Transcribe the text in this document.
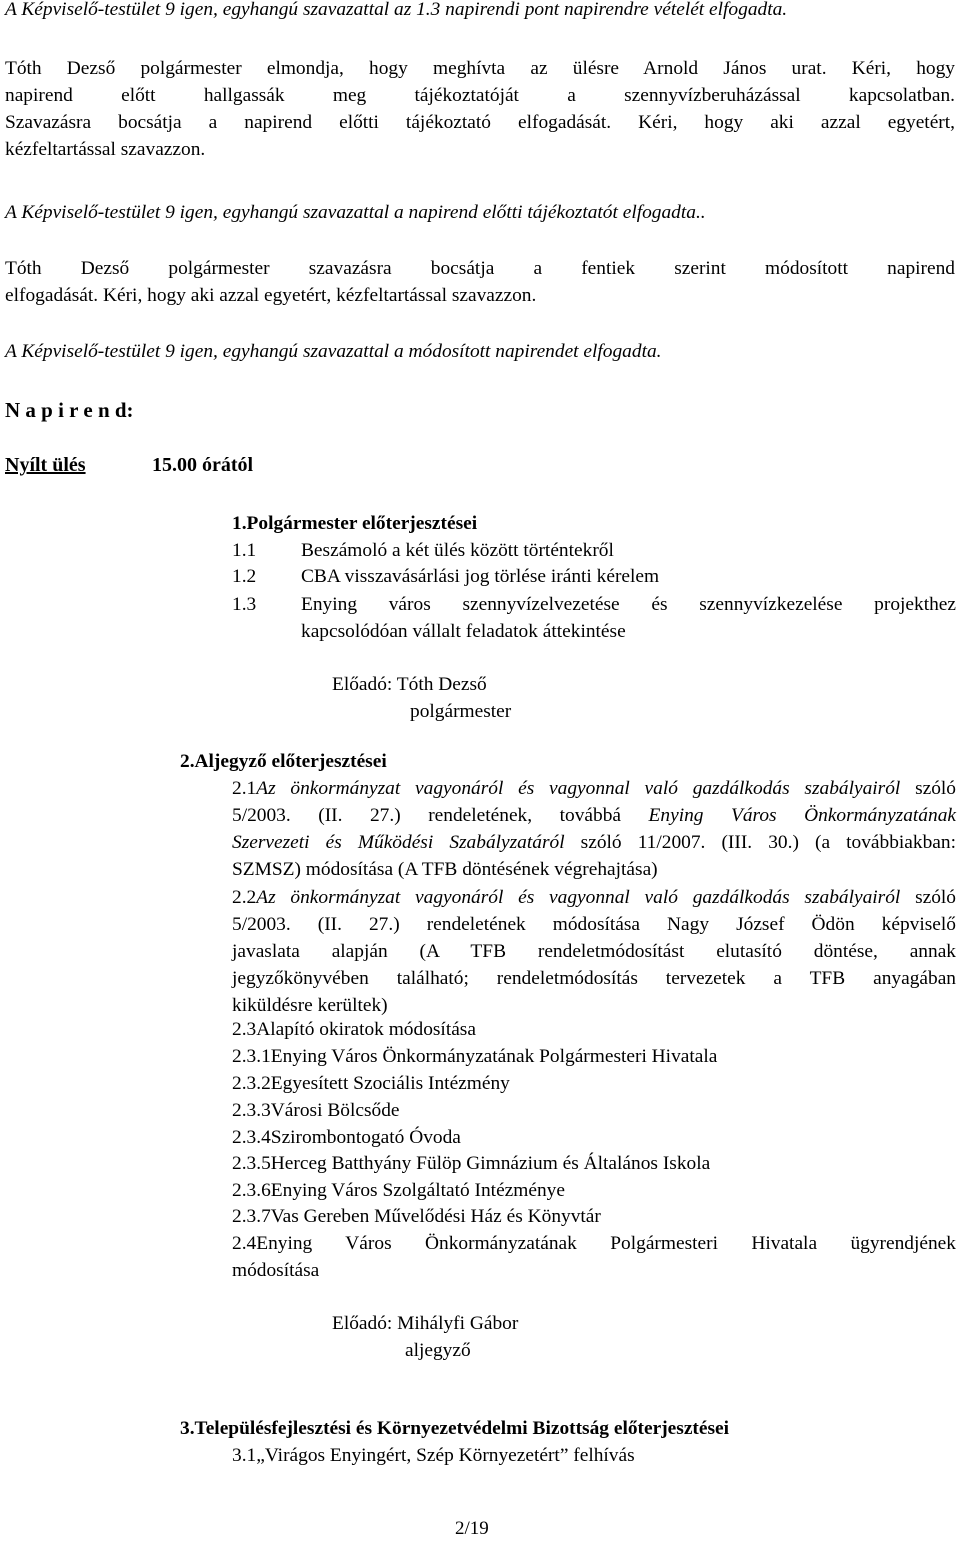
A Képviselő-testület 9 igen, egyhangú szavazattal az 1.3 napirendi pont napirendre vételét elfogadta.

Tóth Dezső polgármester elmondja, hogy meghívta az ülésre Arnold János urat. Kéri, hogy
napirend előtt hallgassák meg tájékoztatóját a szennyvízberuházással kapcsolatban.
Szavazásra bocsátja a napirend előtti tájékoztató elfogadását. Kéri, hogy aki azzal egyetért,
kézfeltartással szavazzon.

A Képviselő-testület 9 igen, egyhangú szavazattal a napirend előtti tájékoztatót elfogadta..

Tóth Dezső polgármester szavazásra bocsátja a fentiek szerint módosított napirend
elfogadását. Kéri, hogy aki azzal egyetért, kézfeltartással szavazzon.

A Képviselő-testület 9 igen, egyhangú szavazattal a módosított napirendet elfogadta.

N a p i r e n d:
Nyílt ülés	15.00 órától
1.Polgármester előterjesztései
1.1 Beszámoló a két ülés között történtekről
1.2 CBA visszavásárlási jog törlése iránti kérelem
1.3 Enying város szennyvízelvezetése és szennyvízkezelése projekthez
kapcsolódóan vállalt feladatok áttekintése
Előadó: Tóth Dezső
polgármester
2.Aljegyző előterjesztései
2.1Az önkormányzat vagyonáról és vagyonnal való gazdálkodás szabályairól szóló
5/2003. (II. 27.) rendeletének, továbbá Enying Város Önkormányzatának
Szervezeti és Működési Szabályzatáról szóló 11/2007. (III. 30.) (a továbbiakban:
SZMSZ) módosítása (A TFB döntésének végrehajtása)
2.2Az önkormányzat vagyonáról és vagyonnal való gazdálkodás szabályairól szóló
5/2003. (II. 27.) rendeletének módosítása Nagy József Ödön képviselő
javaslata alapján (A TFB rendeletmódosítást elutasító döntése, annak
jegyzőkönyvében található; rendeletmódosítás tervezetek a TFB anyagában
kiküldésre kerültek)
2.3Alapító okiratok módosítása
2.3.1Enying Város Önkormányzatának Polgármesteri Hivatala
2.3.2Egyesített Szociális Intézmény
2.3.3Városi Bölcsőde
2.3.4Szirombontogató Óvoda
2.3.5Herceg Batthyány Fülöp Gimnázium és Általános Iskola
2.3.6Enying Város Szolgáltató Intézménye
2.3.7Vas Gereben Művelődési Ház és Könyvtár
2.4Enying Város Önkormányzatának Polgármesteri Hivatala ügyrendjének
módosítása
Előadó: Mihályfi Gábor
aljegyző
3.Településfejlesztési és Környezetvédelmi Bizottság előterjesztései
3.1„Virágos Enyingért, Szép Környezetért” felhívás
2/19
